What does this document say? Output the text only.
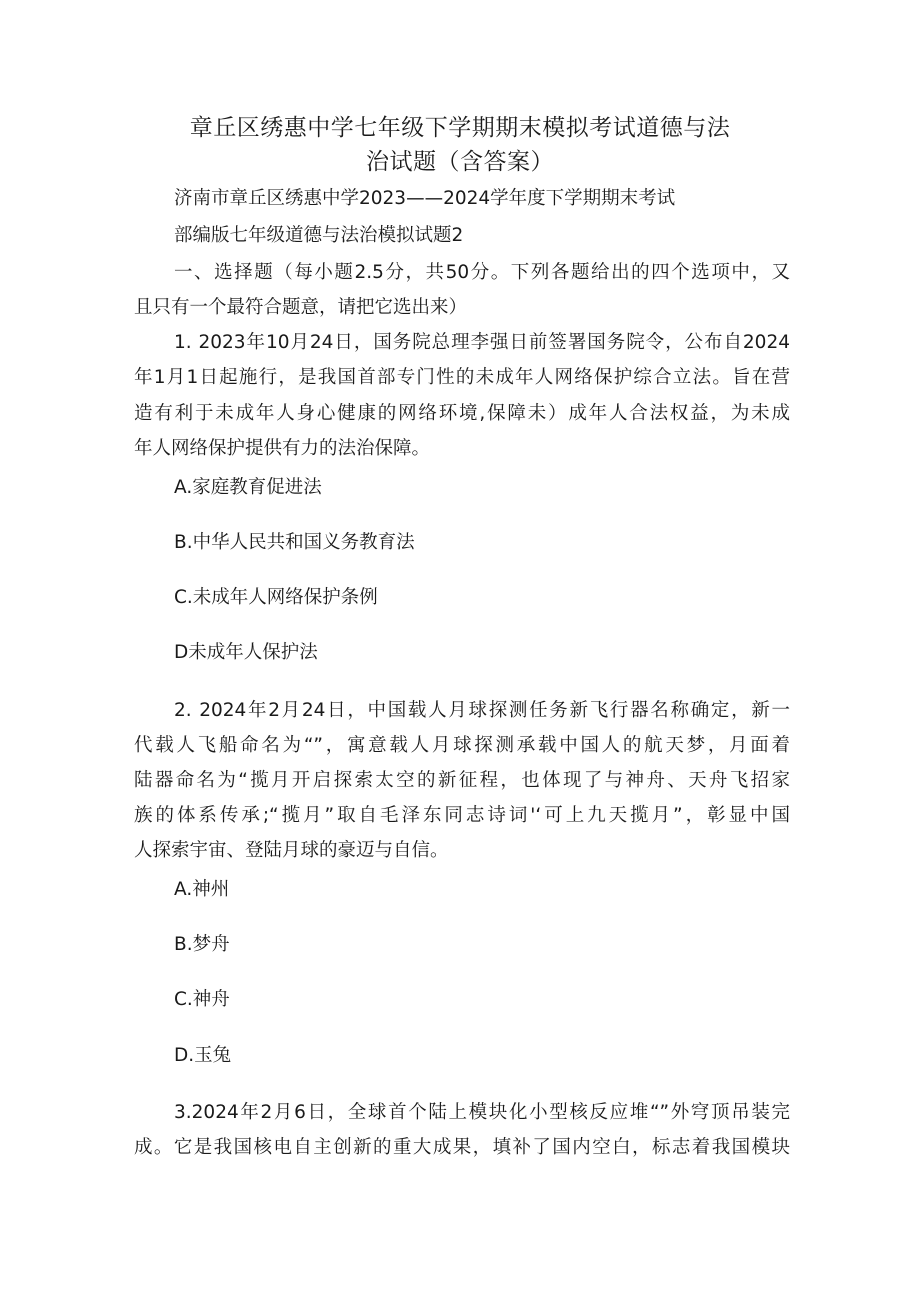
章丘区绣惠中学七年级下学期期末模拟考试道德与法
治试题（含答案）
济南市章丘区绣惠中学2023——2024学年度下学期期末考试
部编版七年级道德与法治模拟试题2
一、选择题（每小题2.5分，共50分。下列各题给出的四个选项中，又
且只有一个最符合题意，请把它选出来）
1. 2023年10月24日，国务院总理李强日前签署国务院令，公布自2024
年1月1日起施行，是我国首部专门性的未成年人网络保护综合立法。旨在营
造有利于未成年人身心健康的网络环境,保障未）成年人合法权益，为未成
年人网络保护提供有力的法治保障。
A.家庭教育促进法
B.中华人民共和国义务教育法
C.未成年人网络保护条例
D未成年人保护法
2. 2024年2月24日，中国载人月球探测任务新飞行器名称确定，新一
代载人飞船命名为“”，寓意载人月球探测承载中国人的航天梦，月面着
陆器命名为“揽月开启探索太空的新征程，也体现了与神舟、天舟飞招家
族的体系传承;“揽月”取自毛泽东同志诗词'‘可上九天揽月”，彰显中国
人探索宇宙、登陆月球的豪迈与自信。
A.神州
B.梦舟
C.神舟
D.玉兔
3.2024年2月6日，全球首个陆上模块化小型核反应堆“”外穹顶吊装完
成。它是我国核电自主创新的重大成果，填补了国内空白，标志着我国模块
